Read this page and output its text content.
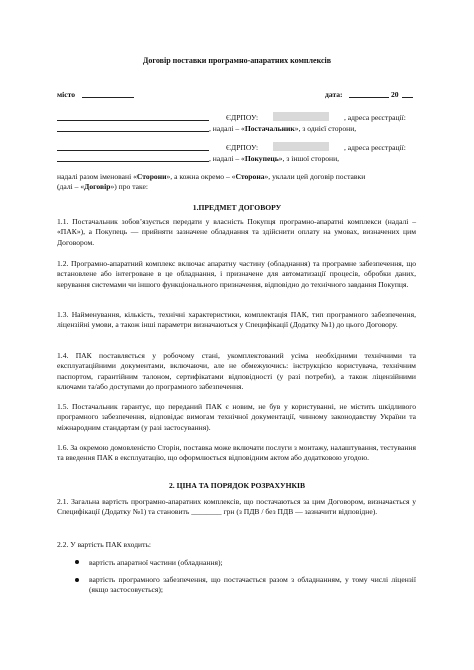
Договір поставки програмно-апаратних комплексів
місто	дата:	20
ЄДРПОУ:	, адреса реєстрації:
, надалі – «Постачальник», з однієї сторони,
ЄДРПОУ:	, адреса реєстрації:
, надалі – «Покупець», з іншої сторони,
надалі разом іменовані «Сторони», а кожна окремо – «Сторона», уклали цей договір поставки
(далі – «Договір») про таке:
1.ПРЕДМЕТ ДОГОВОРУ
1.1. Постачальник зобов’язується передати у власність Покупця програмно-апаратні комплекси (надалі – «ПАК»), а Покупець — прийняти зазначене обладнання та здійснити оплату на умовах, визначених цим Договором.
1.2. Програмно-апаратний комплекс включає апаратну частину (обладнання) та програмне забезпечення, що встановлене або інтегроване в це обладнання, і призначене для автоматизації процесів, обробки даних, керування системами чи іншого функціонального призначення, відповідно до технічного завдання Покупця.
1.3. Найменування, кількість, технічні характеристики, комплектація ПАК, тип програмного забезпечення, ліцензійні умови, а також інші параметри визначаються у Специфікації (Додатку №1) до цього Договору.
1.4. ПАК поставляється у робочому стані, укомплектований усіма необхідними технічними та експлуатаційними документами, включаючи, але не обмежуючись: інструкцією користувача, технічним паспортом, гарантійним талоном, сертифікатами відповідності (у разі потреби), а також ліцензійними ключами та/або доступами до програмного забезпечення.
1.5. Постачальник гарантує, що переданий ПАК є новим, не був у користуванні, не містить шкідливого програмного забезпечення, відповідає вимогам технічної документації, чинному законодавству України та міжнародним стандартам (у разі застосування).
1.6. За окремою домовленістю Сторін, поставка може включати послуги з монтажу, налаштування, тестування та введення ПАК в експлуатацію, що оформлюється відповідним актом або додатковою угодою.
2. ЦІНА ТА ПОРЯДОК РОЗРАХУНКІВ
2.1. Загальна вартість програмно-апаратних комплексів, що постачаються за цим Договором, визначається у Специфікації (Додатку №1) та становить ________ грн (з ПДВ / без ПДВ — зазначити відповідне).
2.2. У вартість ПАК входить:
вартість апаратної частини (обладнання);
вартість програмного забезпечення, що постачається разом з обладнанням, у тому числі ліцензії (якщо застосовується);
